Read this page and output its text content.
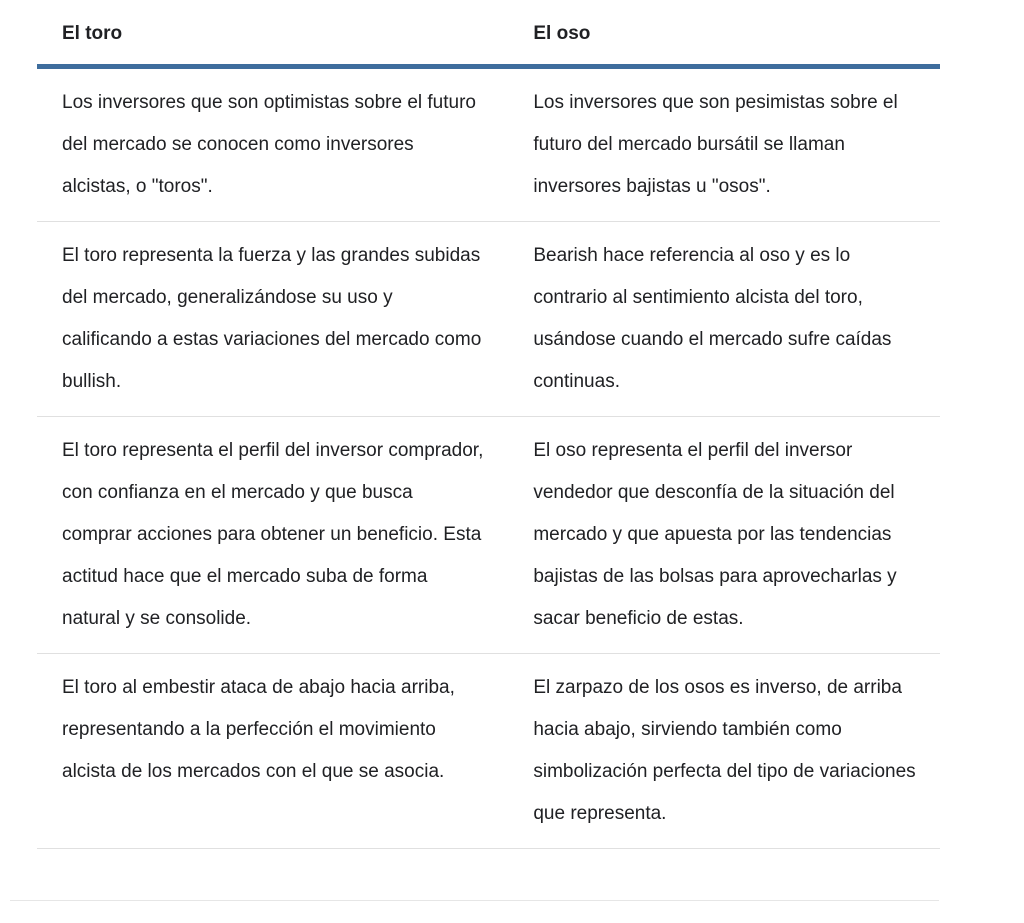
El toro	El oso
Los inversores que son optimistas sobre el futuro del mercado se conocen como inversores alcistas, o "toros".	Los inversores que son pesimistas sobre el futuro del mercado bursátil se llaman inversores bajistas u "osos".
El toro representa la fuerza y las grandes subidas del mercado, generalizándose su uso y calificando a estas variaciones del mercado como bullish.	Bearish hace referencia al oso y es lo contrario al sentimiento alcista del toro, usándose cuando el mercado sufre caídas continuas.
El toro representa el perfil del inversor comprador, con confianza en el mercado y que busca comprar acciones para obtener un beneficio. Esta actitud hace que el mercado suba de forma natural y se consolide.	El oso representa el perfil del inversor vendedor que desconfía de la situación del mercado y que apuesta por las tendencias bajistas de las bolsas para aprovecharlas y sacar beneficio de estas.
El toro al embestir ataca de abajo hacia arriba, representando a la perfección el movimiento alcista de los mercados con el que se asocia.	El zarpazo de los osos es inverso, de arriba hacia abajo, sirviendo también como simbolización perfecta del tipo de variaciones que representa.
